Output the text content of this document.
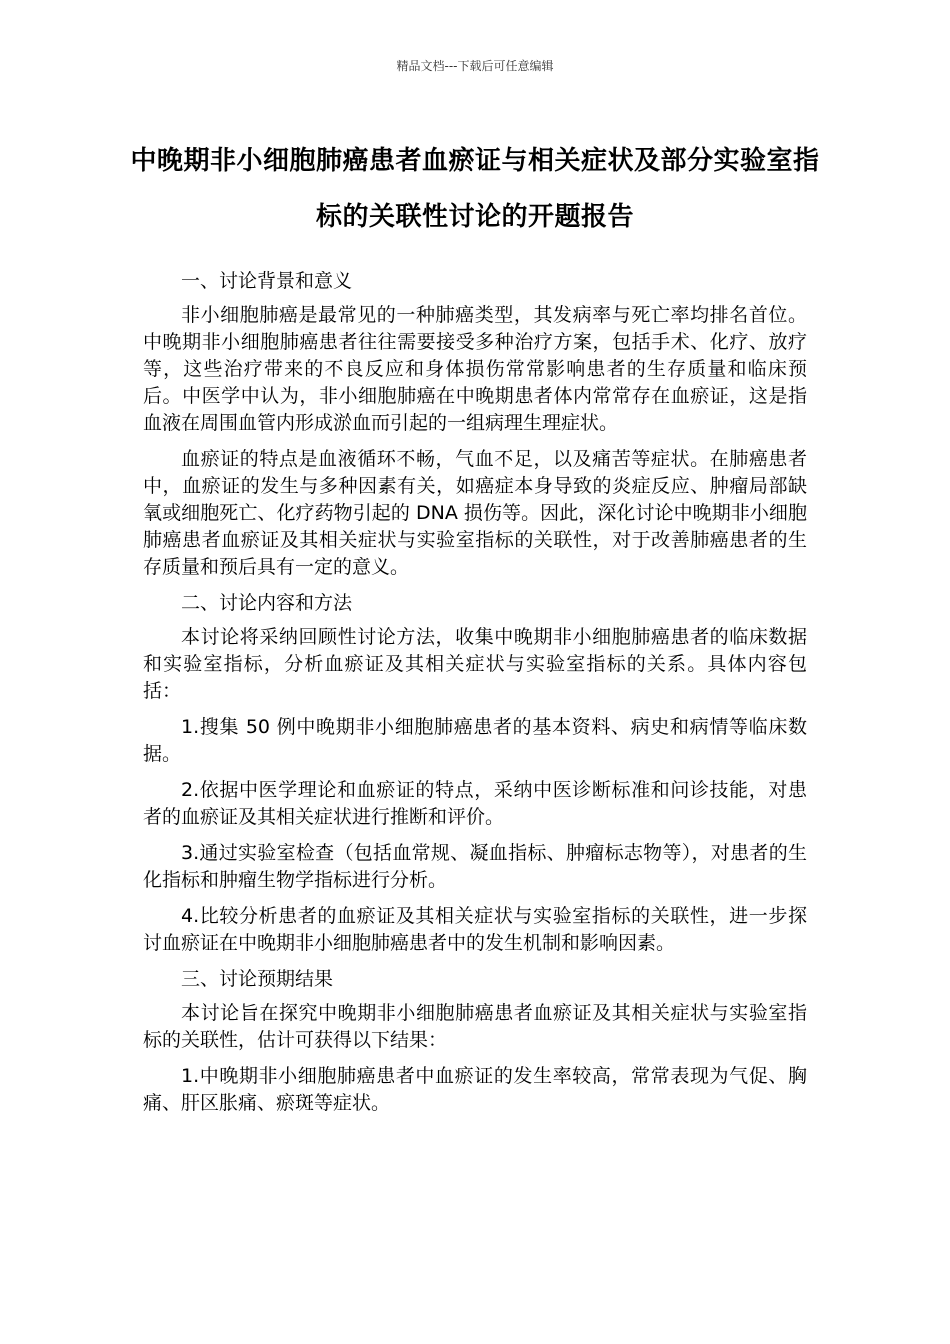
精品文档---下载后可任意编辑
中晚期非小细胞肺癌患者血瘀证与相关症状及部分实验室指标的关联性讨论的开题报告

一、讨论背景和意义

非小细胞肺癌是最常见的一种肺癌类型，其发病率与死亡率均排名首位。中晚期非小细胞肺癌患者往往需要接受多种治疗方案，包括手术、化疗、放疗等，这些治疗带来的不良反应和身体损伤常常影响患者的生存质量和临床预后。中医学中认为，非小细胞肺癌在中晚期患者体内常常存在血瘀证，这是指血液在周围血管内形成淤血而引起的一组病理生理症状。

血瘀证的特点是血液循环不畅，气血不足，以及痛苦等症状。在肺癌患者中，血瘀证的发生与多种因素有关，如癌症本身导致的炎症反应、肿瘤局部缺氧或细胞死亡、化疗药物引起的 DNA 损伤等。因此，深化讨论中晚期非小细胞肺癌患者血瘀证及其相关症状与实验室指标的关联性，对于改善肺癌患者的生存质量和预后具有一定的意义。

二、讨论内容和方法

本讨论将采纳回顾性讨论方法，收集中晚期非小细胞肺癌患者的临床数据和实验室指标，分析血瘀证及其相关症状与实验室指标的关系。具体内容包括：

1.搜集 50 例中晚期非小细胞肺癌患者的基本资料、病史和病情等临床数据。

2.依据中医学理论和血瘀证的特点，采纳中医诊断标准和问诊技能，对患者的血瘀证及其相关症状进行推断和评价。

3.通过实验室检查（包括血常规、凝血指标、肿瘤标志物等），对患者的生化指标和肿瘤生物学指标进行分析。

4.比较分析患者的血瘀证及其相关症状与实验室指标的关联性，进一步探讨血瘀证在中晚期非小细胞肺癌患者中的发生机制和影响因素。

三、讨论预期结果

本讨论旨在探究中晚期非小细胞肺癌患者血瘀证及其相关症状与实验室指标的关联性，估计可获得以下结果：

1.中晚期非小细胞肺癌患者中血瘀证的发生率较高，常常表现为气促、胸痛、肝区胀痛、瘀斑等症状。
